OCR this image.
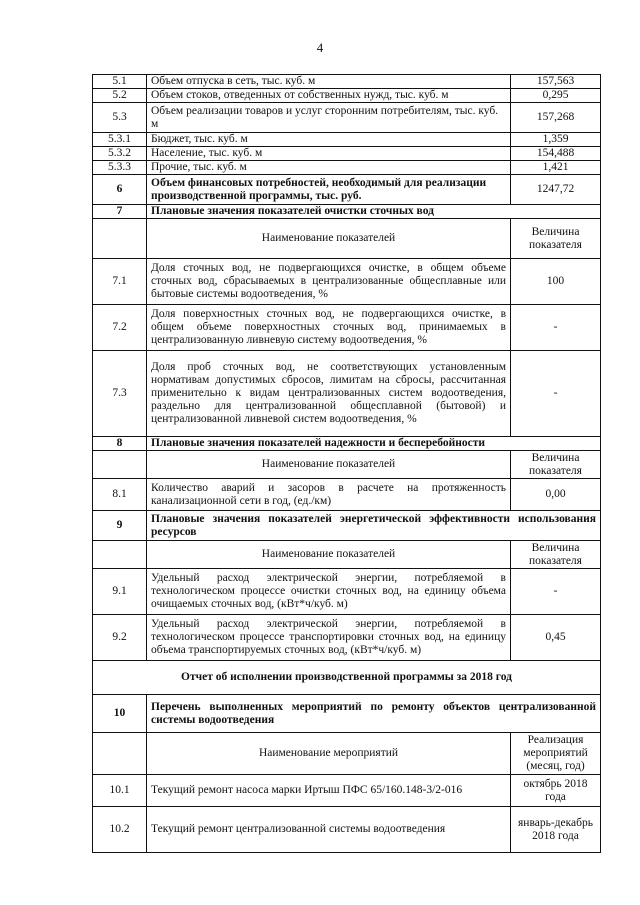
4
5.1	Объем отпуска в сеть, тыс. куб. м	157,563
5.2	Объем стоков, отведенных от собственных нужд, тыс. куб. м	0,295
5.3	Объем реализации товаров и услуг сторонним потребителям, тыс. куб. м	157,268
5.3.1	Бюджет, тыс. куб. м	1,359
5.3.2	Население, тыс. куб. м	154,488
5.3.3	Прочие, тыс. куб. м	1,421
6	Объем финансовых потребностей, необходимый для реализации производственной программы, тыс. руб.	1247,72
7	Плановые значения показателей очистки сточных вод	
	Наименование показателей	Величина показателя
7.1	Доля сточных вод, не подвергающихся очистке, в общем объеме сточных вод, сбрасываемых в централизованные общесплавные или бытовые системы водоотведения, %	100
7.2	Доля поверхностных сточных вод, не подвергающихся очистке, в общем объеме поверхностных сточных вод, принимаемых в централизованную ливневую систему водоотведения, %	-
7.3	Доля проб сточных вод, не соответствующих установленным нормативам допустимых сбросов, лимитам на сбросы, рассчитанная применительно к видам централизованных систем водоотведения, раздельно для централизованной общесплавной (бытовой) и централизованной ливневой систем водоотведения, %	-
8	Плановые значения показателей надежности и бесперебойности	
	Наименование показателей	Величина показателя
8.1	Количество аварий и засоров в расчете на протяженность канализационной сети в год, (ед./км)	0,00
9	Плановые значения показателей энергетической эффективности использования ресурсов	
	Наименование показателей	Величина показателя
9.1	Удельный расход электрической энергии, потребляемой в технологическом процессе очистки сточных вод, на единицу объема очищаемых сточных вод, (кВт*ч/куб. м)	-
9.2	Удельный расход электрической энергии, потребляемой в технологическом процессе транспортировки сточных вод, на единицу объема транспортируемых сточных вод, (кВт*ч/куб. м)	0,45
Отчет об исполнении производственной программы за 2018 год		
10	Перечень выполненных мероприятий по ремонту объектов централизованной системы водоотведения	
	Наименование мероприятий	Реализация мероприятий (месяц, год)
10.1	Текущий ремонт насоса марки Иртыш ПФС 65/160.148-3/2-016	октябрь 2018 года
10.2	Текущий ремонт централизованной системы водоотведения	январь-декабрь 2018 года
